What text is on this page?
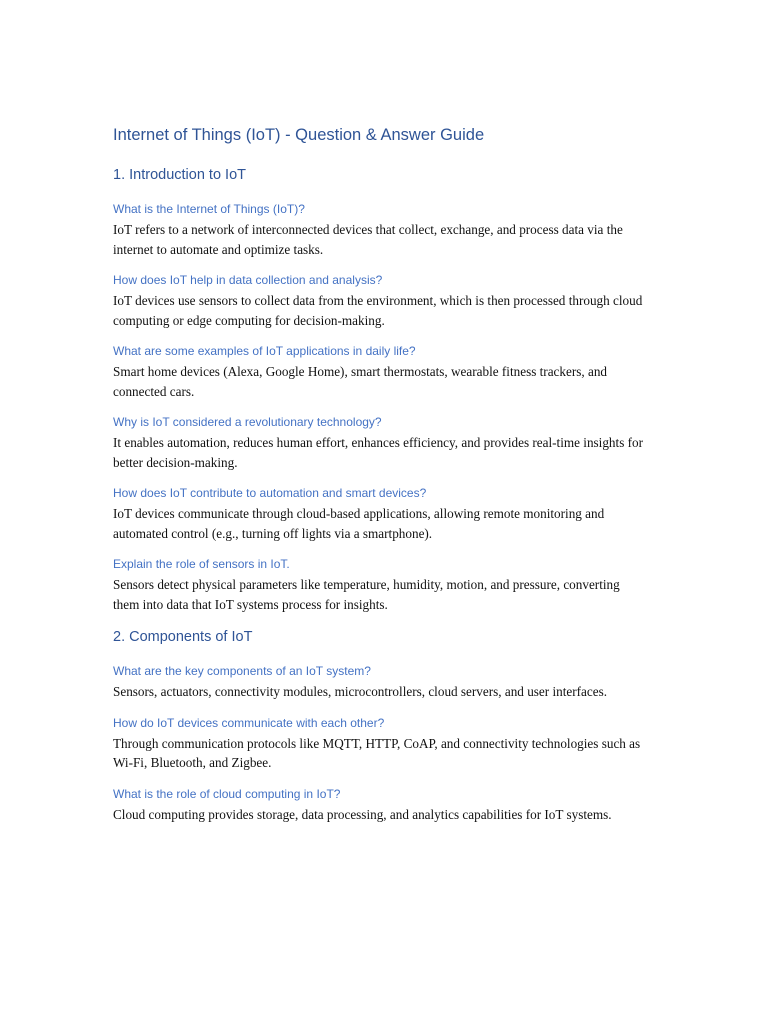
Internet of Things (IoT) - Question & Answer Guide
1. Introduction to IoT
What is the Internet of Things (IoT)?

IoT refers to a network of interconnected devices that collect, exchange, and process data via the internet to automate and optimize tasks.

How does IoT help in data collection and analysis?

IoT devices use sensors to collect data from the environment, which is then processed through cloud computing or edge computing for decision-making.

What are some examples of IoT applications in daily life?

Smart home devices (Alexa, Google Home), smart thermostats, wearable fitness trackers, and connected cars.

Why is IoT considered a revolutionary technology?

It enables automation, reduces human effort, enhances efficiency, and provides real-time insights for better decision-making.

How does IoT contribute to automation and smart devices?

IoT devices communicate through cloud-based applications, allowing remote monitoring and automated control (e.g., turning off lights via a smartphone).

Explain the role of sensors in IoT.

Sensors detect physical parameters like temperature, humidity, motion, and pressure, converting them into data that IoT systems process for insights.

2. Components of IoT
What are the key components of an IoT system?

Sensors, actuators, connectivity modules, microcontrollers, cloud servers, and user interfaces.

How do IoT devices communicate with each other?

Through communication protocols like MQTT, HTTP, CoAP, and connectivity technologies such as Wi-Fi, Bluetooth, and Zigbee.

What is the role of cloud computing in IoT?

Cloud computing provides storage, data processing, and analytics capabilities for IoT systems.
